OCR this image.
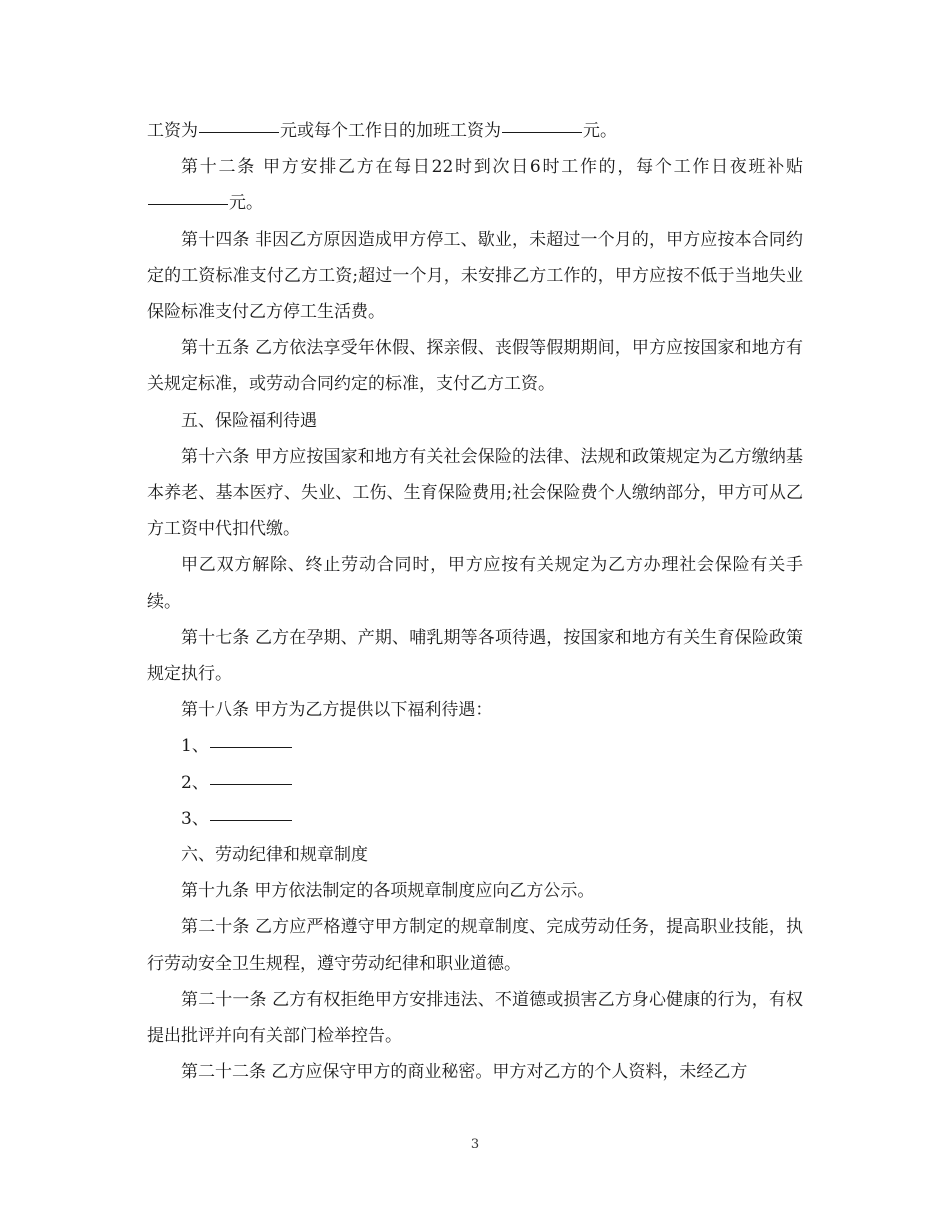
工资为	元或每个工作日的加班工资为	元。

第十二条 甲方安排乙方在每日22时到次日6时工作的，每个工作日夜班补贴元。

第十四条 非因乙方原因造成甲方停工、歇业，未超过一个月的，甲方应按本合同约定的工资标准支付乙方工资;超过一个月，未安排乙方工作的，甲方应按不低于当地失业保险标准支付乙方停工生活费。

第十五条 乙方依法享受年休假、探亲假、丧假等假期期间，甲方应按国家和地方有关规定标准，或劳动合同约定的标准，支付乙方工资。

五、保险福利待遇

第十六条 甲方应按国家和地方有关社会保险的法律、法规和政策规定为乙方缴纳基本养老、基本医疗、失业、工伤、生育保险费用;社会保险费个人缴纳部分，甲方可从乙方工资中代扣代缴。

甲乙双方解除、终止劳动合同时，甲方应按有关规定为乙方办理社会保险有关手续。

第十七条 乙方在孕期、产期、哺乳期等各项待遇，按国家和地方有关生育保险政策规定执行。

第十八条 甲方为乙方提供以下福利待遇：

1、

2、

3、

六、劳动纪律和规章制度

第十九条 甲方依法制定的各项规章制度应向乙方公示。

第二十条 乙方应严格遵守甲方制定的规章制度、完成劳动任务，提高职业技能，执行劳动安全卫生规程，遵守劳动纪律和职业道德。

第二十一条 乙方有权拒绝甲方安排违法、不道德或损害乙方身心健康的行为，有权提出批评并向有关部门检举控告。

第二十二条 乙方应保守甲方的商业秘密。甲方对乙方的个人资料，未经乙方

3
